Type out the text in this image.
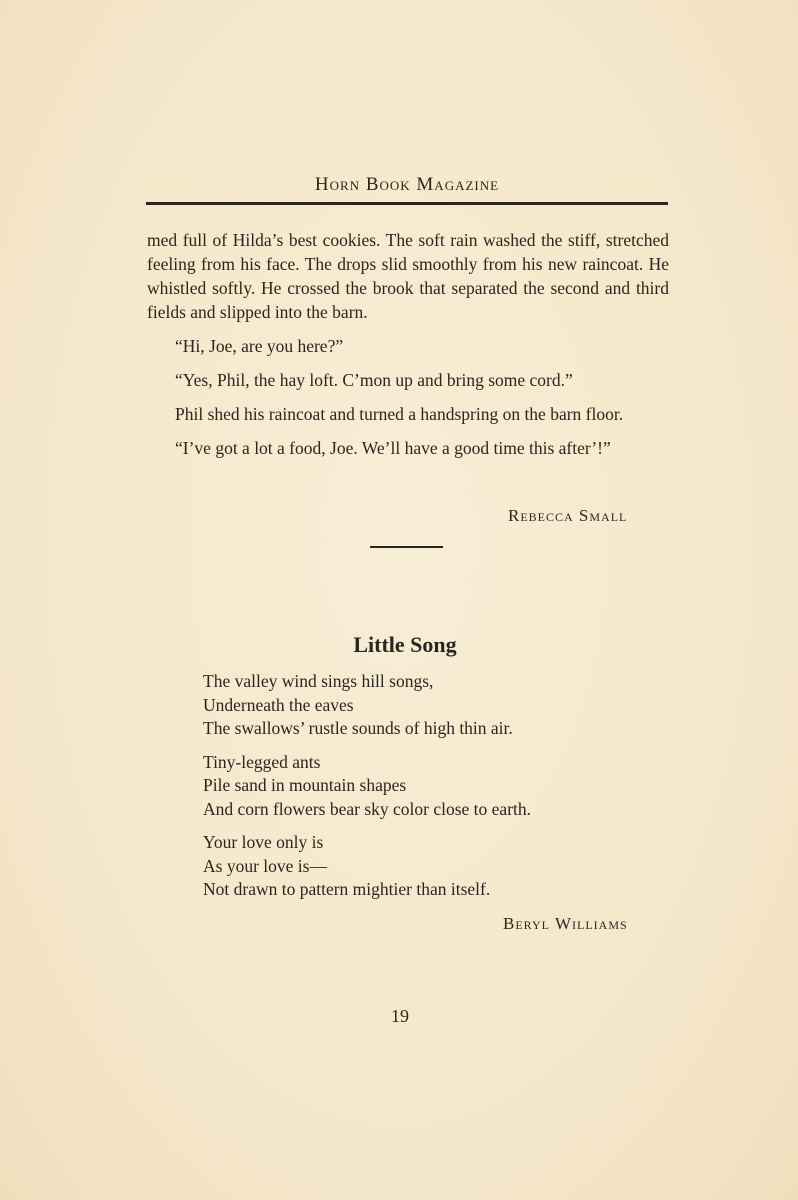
Horn Book Magazine

med full of Hilda’s best cookies. The soft rain washed the stiff, stretched feeling from his face. The drops slid smoothly from his new raincoat. He whistled softly. He crossed the brook that separated the second and third fields and slipped into the barn.

“Hi, Joe, are you here?”

“Yes, Phil, the hay loft. C’mon up and bring some cord.”

Phil shed his raincoat and turned a handspring on the barn floor.

“I’ve got a lot a food, Joe. We’ll have a good time this after’!”

Rebecca Small
Little Song
The valley wind sings hill songs,
Underneath the eaves
The swallows’ rustle sounds of high thin air.
Tiny-legged ants
Pile sand in mountain shapes
And corn flowers bear sky color close to earth.
Your love only is
As your love is—
Not drawn to pattern mightier than itself.
Beryl Williams
19
